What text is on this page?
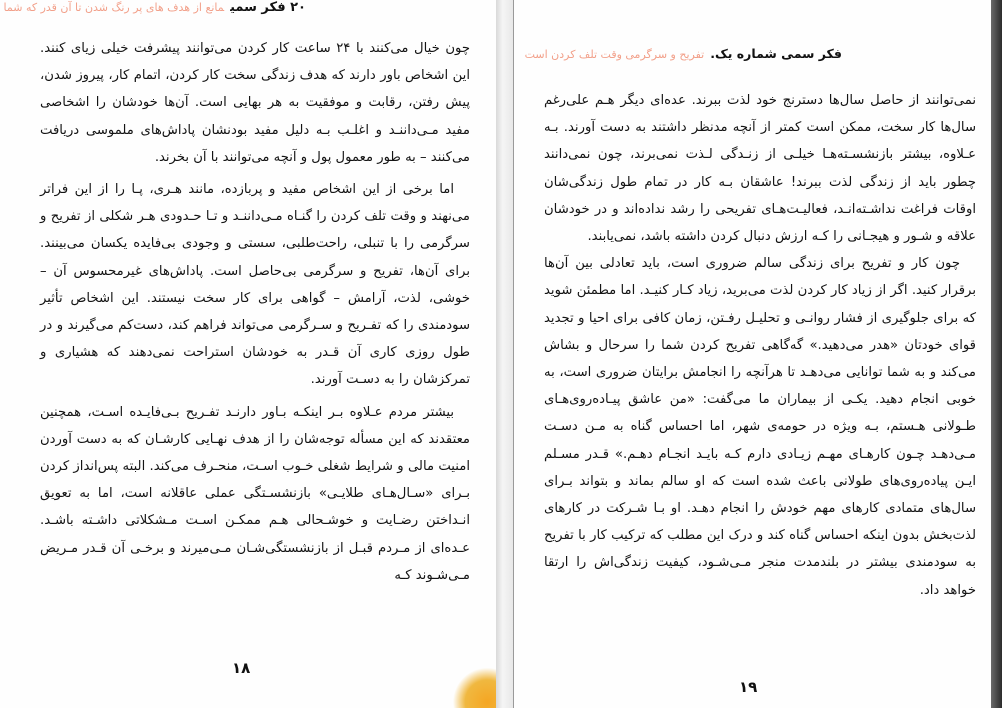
۲۰ فکر سمیمانع از هدف های پر رنگ شدن تا آن قدر که شما

چون خیال می‌کنند با ۲۴ ساعت کار کردن می‌توانند پیشرفت خیلی زیای کنند. این اشخاص باور دارند که هدف زندگی سخت کار کردن، اتمام کار، پیروز شدن، پیش رفتن، رقابت و موفقیت به هر بهایی است. آن‌ها خودشان را اشخاصی مفید مـی‌داننـد و اغلـب بـه دلیل مفید بودنشان پاداش‌های ملموسی دریافت می‌کنند – به طور معمول پول و آنچه می‌توانند با آن بخرند.

اما برخی از این اشخاص مفید و پربازده، مانند هـری، پـا را از این فراتر می‌نهند و وقت تلف کردن را گنـاه مـی‌داننـد و تـا حـدودی هـر شکلی از تفریح و سرگرمی را با تنبلی، راحت‌طلبی، سستی و وجودی بی‌فایده یکسان می‌بینند. برای آن‌ها، تفریح و سرگرمی بی‌حاصل است. پاداش‌های غیرمحسوس آن – خوشی، لذت، آرامش – گواهی برای کار سخت نیستند. این اشخاص تأثیر سودمندی را که تفـریح و سـرگرمی می‌تواند فراهم کند، دست‌کم می‌گیرند و در طول روزی کاری آن قـدر به خودشان استراحت نمی‌دهند که هشیاری و تمرکزشان را به دسـت آورند.

بیشتر مردم عـلاوه بـر اینکـه بـاور دارنـد تفـریح بـی‌فایـده اسـت، همچنین معتقدند که این مسأله توجه‌شان را از هدف نهـایی کارشـان که به دست آوردن امنیت مالی و شرایط شغلی خـوب اسـت، منحـرف می‌کند. البته پس‌انداز کردن بـرای «سـال‌هـای طلایـی» بازنشسـتگی عملی عاقلانه است، اما به تعویق انـداختن رضـایت و خوشـحالی هـم ممکـن اسـت مـشکلاتی داشـته باشـد. عـده‌ای از مـردم قبـل از بازنشستگی‌شـان مـی‌میرند و برخـی آن قـدر مـریض مـی‌شـوند کـه

۱۸
فکر سمی شماره یک.تفریح و سرگرمی وقت تلف کردن است

نمی‌توانند از حاصل سال‌ها دسترنج خود لذت ببرند. عده‌ای دیگر هـم علی‌رغم سال‌ها کار سخت، ممکن است کمتر از آنچه مدنظر داشتند به دست آورند. بـه عـلاوه، بیشتر بازنشسـته‌هـا خیلـی از زنـدگی لـذت نمی‌برند، چون نمی‌دانند چطور باید از زندگی لذت ببرند! عاشقان بـه کار در تمام طول زندگی‌شان اوقات فراغت نداشـته‌انـد، فعالیـت‌هـای تفریحی را رشد نداده‌اند و در خودشان علاقه و شـور و هیجـانی را کـه ارزش دنبال کردن داشته باشد، نمی‌یابند.

چون کار و تفریح برای زندگی سالم ضروری است، باید تعادلی بین آن‌ها برقرار کنید. اگر از زیاد کار کردن لذت می‌برید، زیاد کـار کنیـد. اما مطمئن شوید که برای جلوگیری از فشار روانـی و تحلیـل رفـتن، زمان کافی برای احیا و تجدید قوای خودتان «هدر می‌دهید.» گه‌گاهی تفریح کردن شما را سرحال و بشاش می‌کند و به شما توانایی می‌دهـد تا هرآنچه را انجامش برایتان ضروری است، به خوبی انجام دهید. یکـی از بیماران ما می‌گفت: «من عاشق پیـاده‌روی‌هـای طـولانی هـستم، بـه ویژه در حومه‌ی شهر، اما احساس گناه به مـن دسـت مـی‌دهـد چـون کارهـای مهـم زیـادی دارم کـه بایـد انجـام دهـم.» قـدر مسـلم ایـن پیاده‌روی‌های طولانی باعث شده است که او سالم بماند و بتواند بـرای سال‌های متمادی کارهای مهم خودش را انجام دهـد. او بـا شـرکت در کارهای لذت‌بخش بدون اینکه احساس گناه کند و درک این مطلب که ترکیب کار با تفریح به سودمندی بیشتر در بلندمدت منجر مـی‌شـود، کیفیت زندگی‌اش را ارتقا خواهد داد.

۱۹
